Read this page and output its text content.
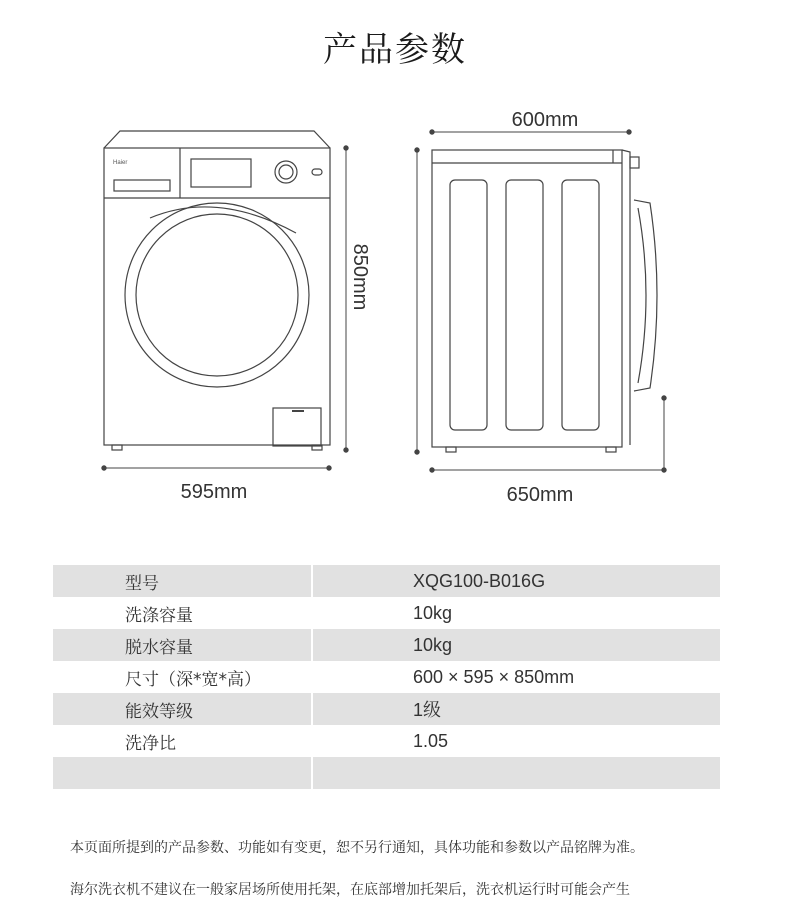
产品参数
Haier
600mm
595mm	650mm
850mm
型号	XQG100-B016G
洗涤容量	10kg
脱水容量	10kg
尺寸（深*宽*高）	600 × 595 × 850mm
能效等级	1级
洗净比	1.05

本页面所提到的产品参数、功能如有变更，恕不另行通知，具体功能和参数以产品铭牌为准。
海尔洗衣机不建议在一般家居场所使用托架，在底部增加托架后，洗衣机运行时可能会产生
